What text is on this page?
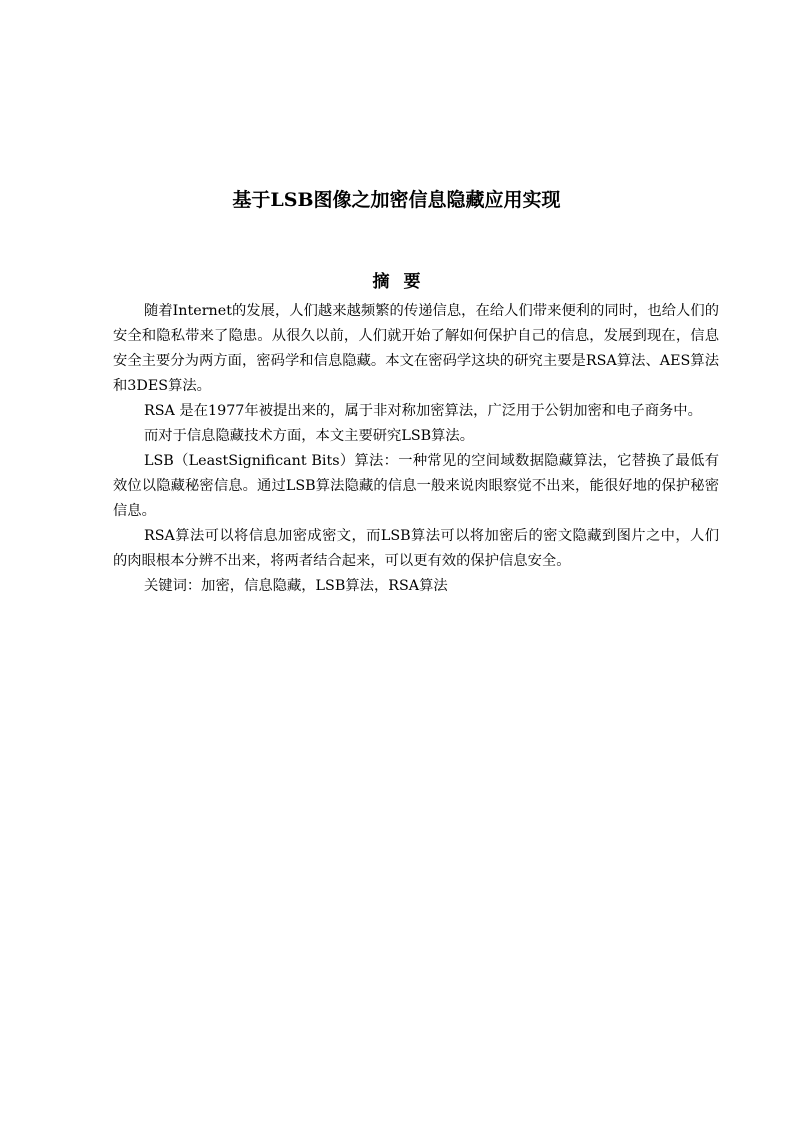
基于LSB图像之加密信息隐藏应用实现
摘要

随着Internet的发展，人们越来越频繁的传递信息，在给人们带来便利的同时，也给人们的安全和隐私带来了隐患。从很久以前，人们就开始了解如何保护自己的信息，发展到现在，信息安全主要分为两方面，密码学和信息隐藏。本文在密码学这块的研究主要是RSA算法、AES算法和3DES算法。

RSA 是在1977年被提出来的，属于非对称加密算法，广泛用于公钥加密和电子商务中。

而对于信息隐藏技术方面，本文主要研究LSB算法。

LSB（LeastSignificant Bits）算法：一种常见的空间域数据隐藏算法，它替换了最低有效位以隐藏秘密信息。通过LSB算法隐藏的信息一般来说肉眼察觉不出来，能很好地的保护秘密信息。

RSA算法可以将信息加密成密文，而LSB算法可以将加密后的密文隐藏到图片之中，人们的肉眼根本分辨不出来，将两者结合起来，可以更有效的保护信息安全。

关键词：加密，信息隐藏，LSB算法，RSA算法
